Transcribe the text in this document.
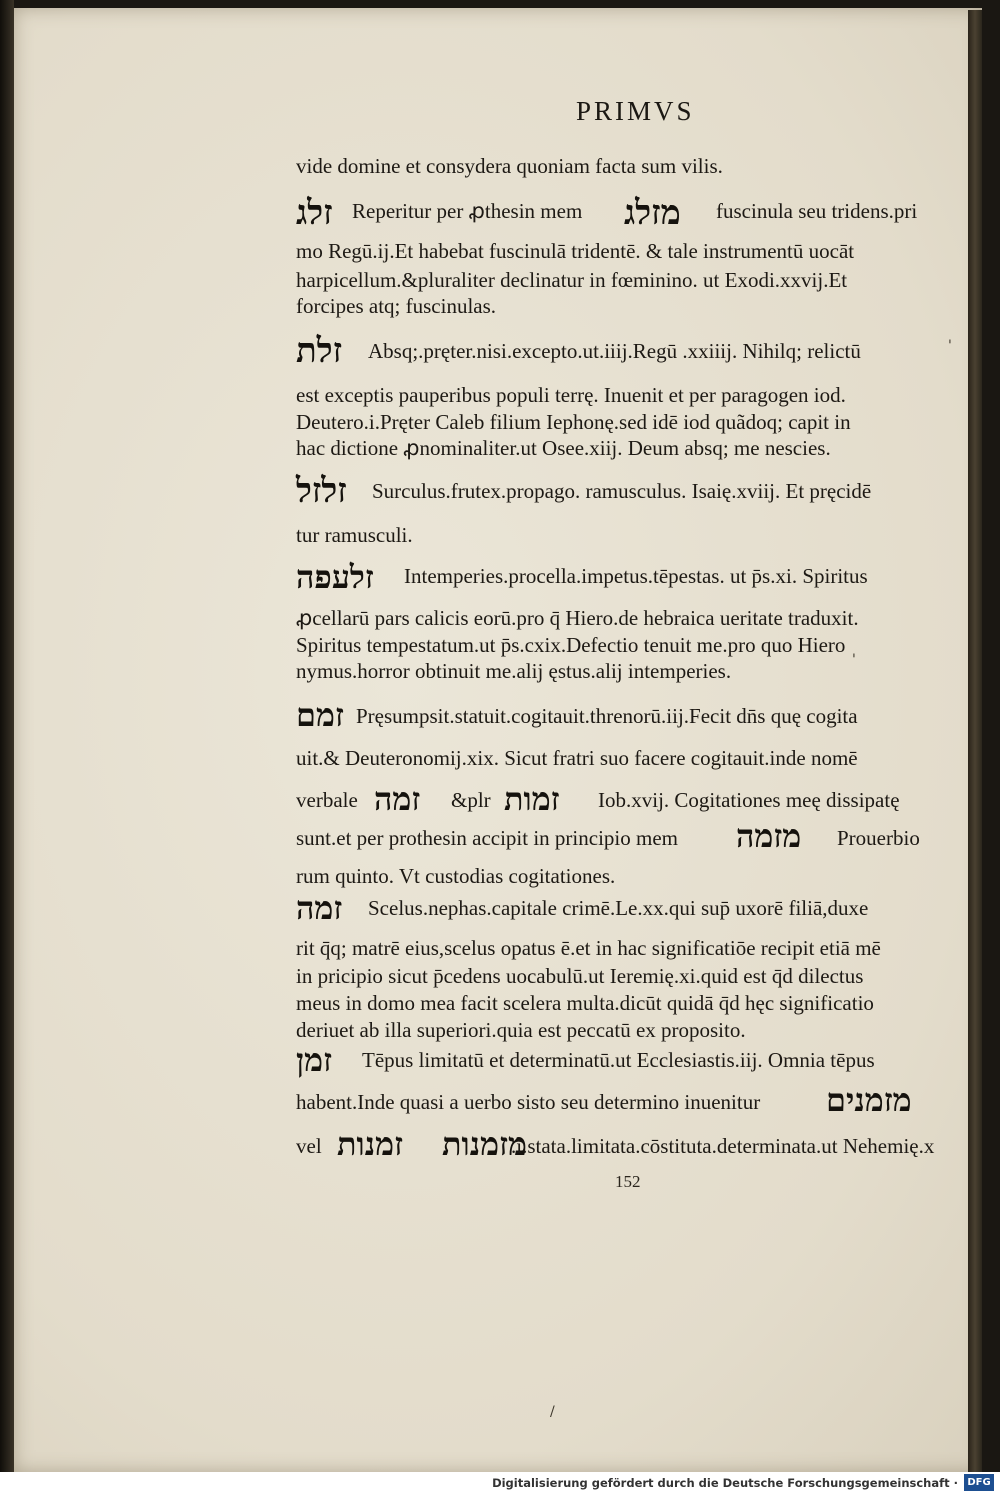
PRIMVS
vide domine et consydera quoniam facta sum vilis.
זלג Reperitur per ꝓthesin mem מזלג fuscinula seu tridens.pri
mo Regū.ij.Et habebat fuscinulā tridentē. & tale instrumentū uocāt
harpicellum.&pluraliter declinatur in fœminino. ut Exodi.xxvij.Et
forcipes atq; fuscinulas.
זלת Absq;.pręter.nisi.excepto.ut.iiij.Regū .xxiiij. Nihilq; relictū
est exceptis pauperibus populi terrę. Inuenit et per paragogen iod.
Deutero.i.Pręter Caleb filium Iephonę.sed idē iod quãdoq; capit in
hac dictione ꝓnominaliter.ut Osee.xiij. Deum absq; me nescies.
זלזל Surculus.frutex.propago. ramusculus. Isaię.xviij. Et pręcidē
tur ramusculi.
זלעפה Intemperies.procella.impetus.tēpestas. ut p̄s.xi. Spiritus
ꝓcellarū pars calicis eorū.pro q̄ Hiero.de hebraica ueritate traduxit.
Spiritus tempestatum.ut p̄s.cxix.Defectio tenuit me.pro quo Hiero
nymus.horror obtinuit me.alij ęstus.alij intemperies.
זמם Pręsumpsit.statuit.cogitauit.threnorū.iij.Fecit dn̄s quę cogita
uit.& Deuteronomij.xix. Sicut fratri suo facere cogitauit.inde nomē
verbale זמה &plr זמות Iob.xvij. Cogitationes meę dissipatę
sunt.et per prothesin accipit in principio mem מזמה Prouerbio
rum quinto. Vt custodias cogitationes.
זמה Scelus.nephas.capitale crimē.Le.xx.qui sup̄ uxorē filiā,duxe
rit q̄q; matrē eius,scelus opatus ē.et in hac significatiōe recipit etiā mē
in pricipio sicut p̄cedens uocabulū.ut Ieremię.xi.quid est q̄d dilectus
meus in domo mea facit scelera multa.dicūt quidā q̄d hęc significatio
deriuet ab illa superiori.quia est peccatū ex proposito.
זמן Tēpus limitatū et determinatū.ut Ecclesiastis.iij. Omnia tēpus
habent.Inde quasi a uerbo sisto seu determino inuenitur מזמנים
vel זמנות מזמנות
.i.stata.limitata.cōstituta.determinata.ut Nehemię.x
152
'
'
/
Digitalisierung gefördert durch die Deutsche Forschungsgemeinschaft · DFG
